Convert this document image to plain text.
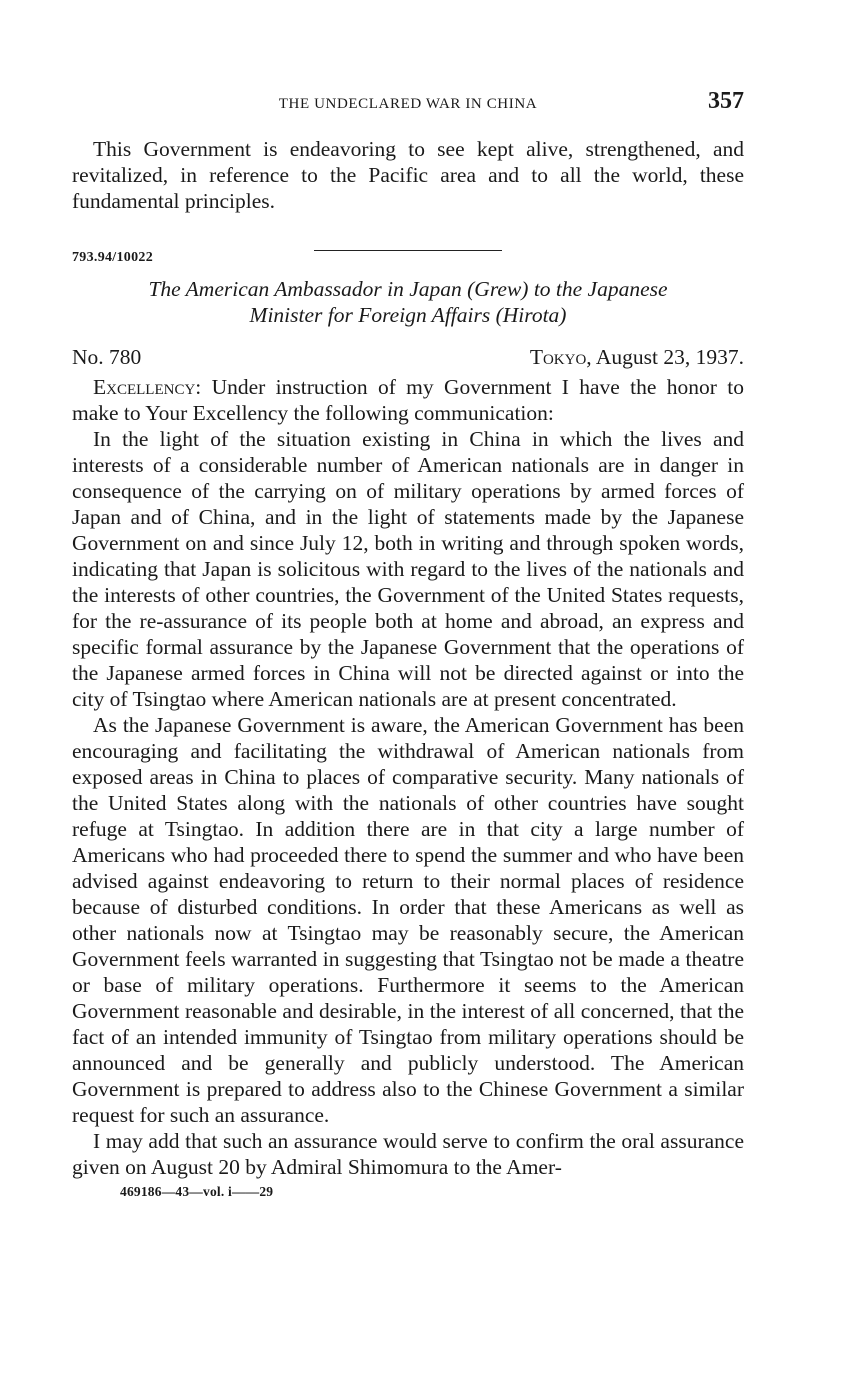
THE UNDECLARED WAR IN CHINA	357

This Government is endeavoring to see kept alive, strengthened, and revitalized, in reference to the Pacific area and to all the world, these fundamental principles.

793.94/10022
The American Ambassador in Japan (Grew) to the Japanese
Minister for Foreign Affairs (Hirota)
No. 780	Tokyo, August 23, 1937.

Excellency: Under instruction of my Government I have the honor to make to Your Excellency the following communication:

In the light of the situation existing in China in which the lives and interests of a considerable number of American nationals are in danger in consequence of the carrying on of military operations by armed forces of Japan and of China, and in the light of statements made by the Japanese Government on and since July 12, both in writing and through spoken words, indicating that Japan is solicitous with regard to the lives of the nationals and the interests of other countries, the Government of the United States requests, for the re-assurance of its people both at home and abroad, an express and specific formal assurance by the Japanese Government that the operations of the Japanese armed forces in China will not be directed against or into the city of Tsingtao where American nationals are at present concentrated.

As the Japanese Government is aware, the American Government has been encouraging and facilitating the withdrawal of American nationals from exposed areas in China to places of comparative security. Many nationals of the United States along with the nationals of other countries have sought refuge at Tsingtao. In addition there are in that city a large number of Americans who had proceeded there to spend the summer and who have been advised against endeavoring to return to their normal places of residence because of disturbed conditions. In order that these Americans as well as other nationals now at Tsingtao may be reasonably secure, the American Government feels warranted in suggesting that Tsingtao not be made a theatre or base of military operations. Furthermore it seems to the American Government reasonable and desirable, in the interest of all concerned, that the fact of an intended immunity of Tsingtao from military operations should be announced and be generally and publicly understood. The American Government is prepared to address also to the Chinese Government a similar request for such an assurance.

I may add that such an assurance would serve to confirm the oral assurance given on August 20 by Admiral Shimomura to the Amer-

469186—43—vol. i——29
